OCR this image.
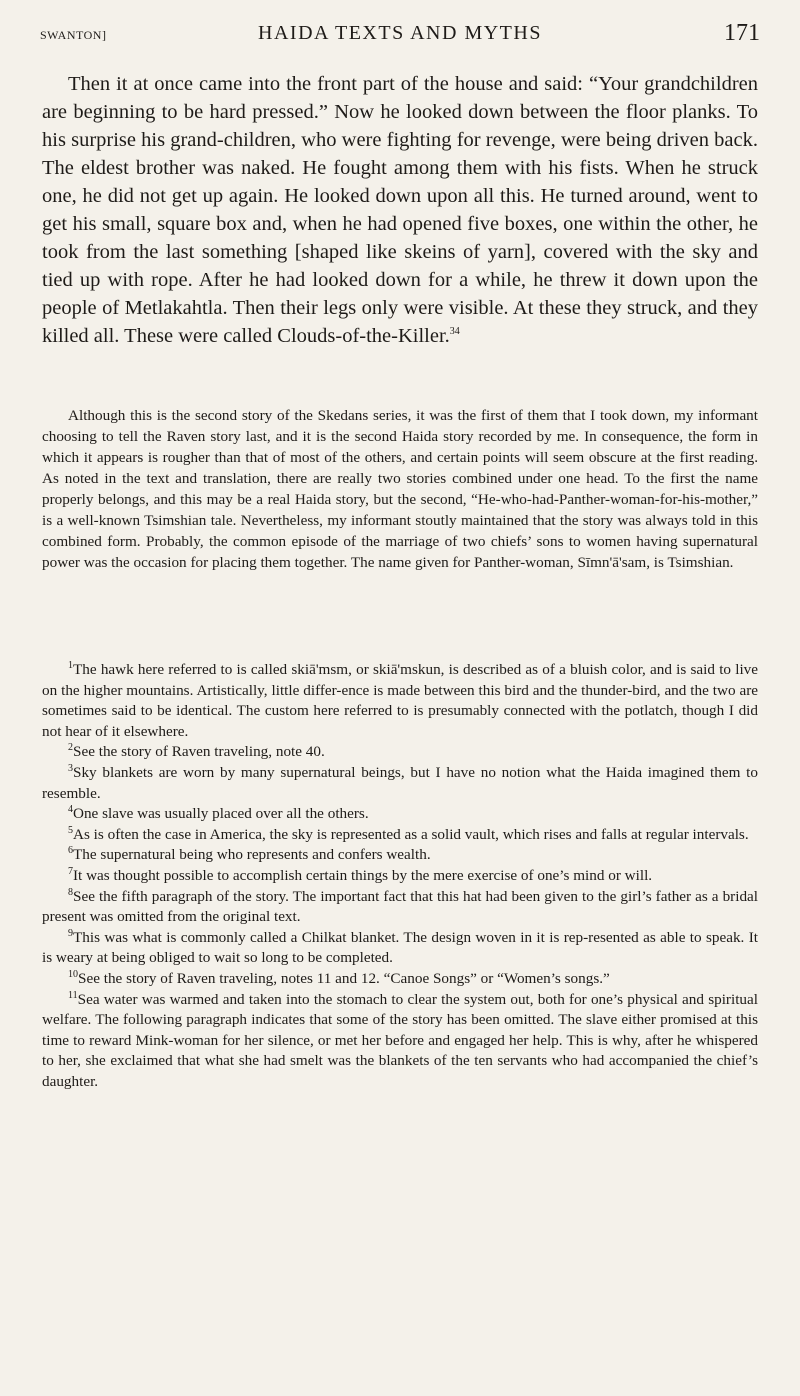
SWANTON]	HAIDA TEXTS AND MYTHS	171

Then it at once came into the front part of the house and said: “Your grandchildren are beginning to be hard pressed.” Now he looked down between the floor planks. To his surprise his grand-children, who were fighting for revenge, were being driven back. The eldest brother was naked. He fought among them with his fists. When he struck one, he did not get up again. He looked down upon all this. He turned around, went to get his small, square box and, when he had opened five boxes, one within the other, he took from the last something [shaped like skeins of yarn], covered with the sky and tied up with rope. After he had looked down for a while, he threw it down upon the people of Metlakahtla. Then their legs only were visible. At these they struck, and they killed all. These were called Clouds-of-the-Killer.$^{34}$

Although this is the second story of the Skedans series, it was the first of them that I took down, my informant choosing to tell the Raven story last, and it is the second Haida story recorded by me. In consequence, the form in which it appears is rougher than that of most of the others, and certain points will seem obscure at the first reading. As noted in the text and translation, there are really two stories combined under one head. To the first the name properly belongs, and this may be a real Haida story, but the second, “He-who-had-Panther-woman-for-his-mother,” is a well-known Tsimshian tale. Nevertheless, my informant stoutly maintained that the story was always told in this combined form. Probably, the common episode of the marriage of two chiefs’ sons to women having supernatural power was the occasion for placing them together. The name given for Panther-woman, Sīmn'ā'sam, is Tsimshian.

$^1$The hawk here referred to is called skiā'msm, or skiā'mskun, is described as of a bluish color, and is said to live on the higher mountains. Artistically, little differ-ence is made between this bird and the thunder-bird, and the two are sometimes said to be identical. The custom here referred to is presumably connected with the potlatch, though I did not hear of it elsewhere.

$^2$See the story of Raven traveling, note 40.

$^3$Sky blankets are worn by many supernatural beings, but I have no notion what the Haida imagined them to resemble.

$^4$One slave was usually placed over all the others.

$^5$As is often the case in America, the sky is represented as a solid vault, which rises and falls at regular intervals.

$^6$The supernatural being who represents and confers wealth.

$^7$It was thought possible to accomplish certain things by the mere exercise of one’s mind or will.

$^8$See the fifth paragraph of the story. The important fact that this hat had been given to the girl’s father as a bridal present was omitted from the original text.

$^9$This was what is commonly called a Chilkat blanket. The design woven in it is rep-resented as able to speak. It is weary at being obliged to wait so long to be completed.

$^{10}$See the story of Raven traveling, notes 11 and 12. “Canoe Songs” or “Women’s songs.”

$^{11}$Sea water was warmed and taken into the stomach to clear the system out, both for one’s physical and spiritual welfare. The following paragraph indicates that some of the story has been omitted. The slave either promised at this time to reward Mink-woman for her silence, or met her before and engaged her help. This is why, after he whispered to her, she exclaimed that what she had smelt was the blankets of the ten servants who had accompanied the chief’s daughter.
